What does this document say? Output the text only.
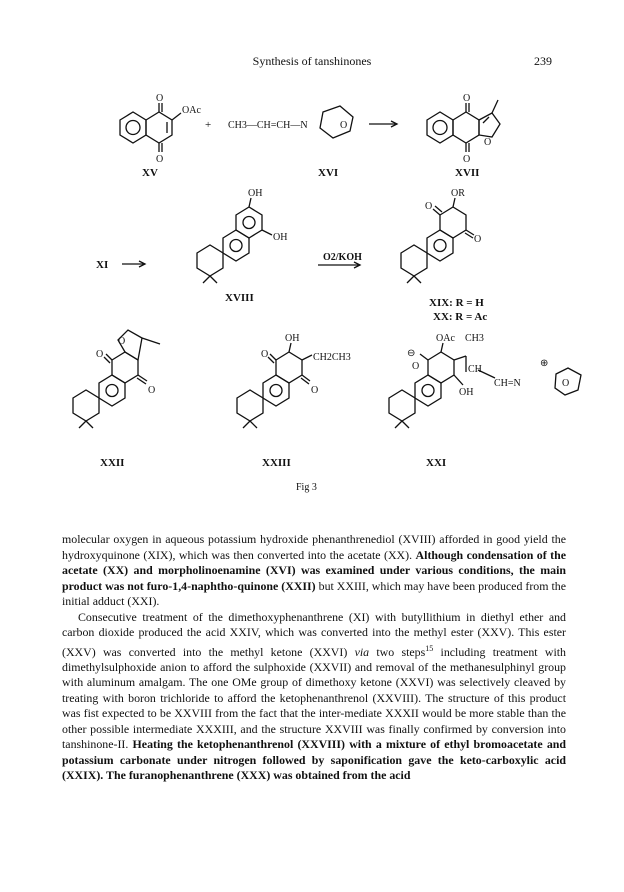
Synthesis of tanshinones	239
O
O
OAc
+ CH3—CH=CH—N	O
O
O
O
OH
OH
OR
O
O
O
O
O
OH
CH2CH3
O
O
OAc CH3
CH
CH=N	O
⊕
⊖
O
OH
XV	XVI	XVII
XI
XVIII
O2/KOH
XIX: R = H
XX: R = Ac
XXII	XXIII	XXI
Fig 3

molecular oxygen in aqueous potassium hydroxide phenanthrenediol (XVIII) afforded in good yield the hydroxyquinone (XIX), which was then converted into the acetate (XX). Although condensation of the acetate (XX) and morpholinoenamine (XVI) was examined under various conditions, the main product was not furo-1,4-naphtho-quinone (XXII) but XXIII, which may have been produced from the initial adduct (XXI).

Consecutive treatment of the dimethoxyphenanthrene (XI) with butyllithium in diethyl ether and carbon dioxide produced the acid XXIV, which was converted into the methyl ester (XXV). This ester (XXV) was converted into the methyl ketone (XXVI) via two steps$^{15}$ including treatment with dimethylsulphoxide anion to afford the sulphoxide (XXVII) and removal of the methanesulphinyl group with aluminum amalgam. The one OMe group of dimethoxy ketone (XXVI) was selectively cleaved by treating with boron trichloride to afford the ketophenanthrenol (XXVIII). The structure of this product was fist expected to be XXVIII from the fact that the inter-mediate XXXII would be more stable than the other possible intermediate XXXIII, and the structure XXVIII was finally confirmed by conversion into tanshinone-II. Heating the ketophenanthrenol (XXVIII) with a mixture of ethyl bromoacetate and potassium carbonate under nitrogen followed by saponification gave the keto-carboxylic acid (XXIX). The furanophenanthrene (XXX) was obtained from the acid
